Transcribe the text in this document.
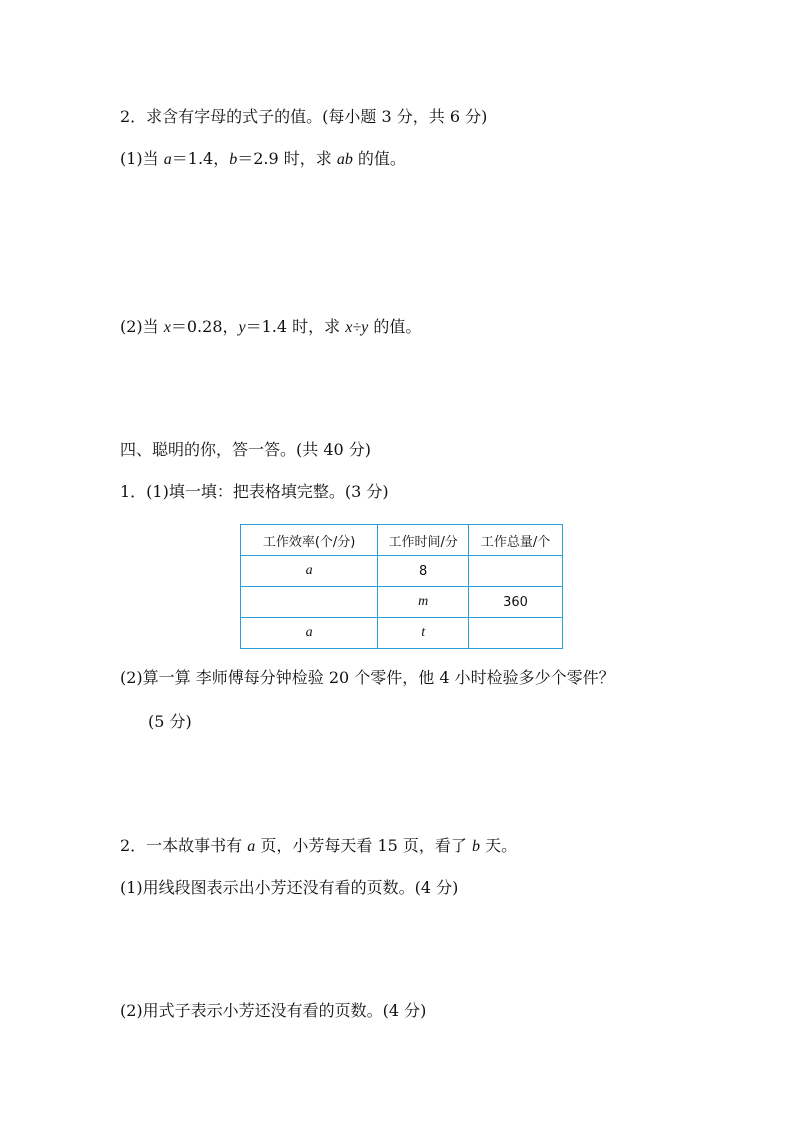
2．求含有字母的式子的值。(每小题 3 分，共 6 分)
(1)当 a＝1.4，b＝2.9 时，求 ab 的值。
(2)当 x＝0.28，y＝1.4 时，求 x÷y 的值。
四、聪明的你，答一答。(共 40 分)
1．(1)填一填：把表格填完整。(3 分)
工作效率(个/分)	工作时间/分	工作总量/个
a	8	
	m	360
a	t	
(2)算一算 李师傅每分钟检验 20 个零件，他 4 小时检验多少个零件？
(5 分)
2．一本故事书有 a 页，小芳每天看 15 页，看了 b 天。
(1)用线段图表示出小芳还没有看的页数。(4 分)
(2)用式子表示小芳还没有看的页数。(4 分)
